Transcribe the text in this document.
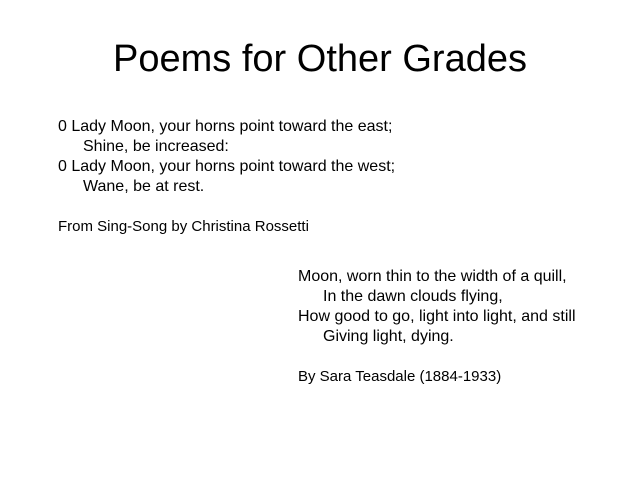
Poems for Other Grades
0 Lady Moon, your horns point toward the east;
Shine, be increased:
0 Lady Moon, your horns point toward the west;
Wane, be at rest.

From Sing-Song by Christina Rossetti

Moon, worn thin to the width of a quill,
In the dawn clouds flying,
How good to go, light into light, and still
Giving light, dying.

By Sara Teasdale (1884-1933)
